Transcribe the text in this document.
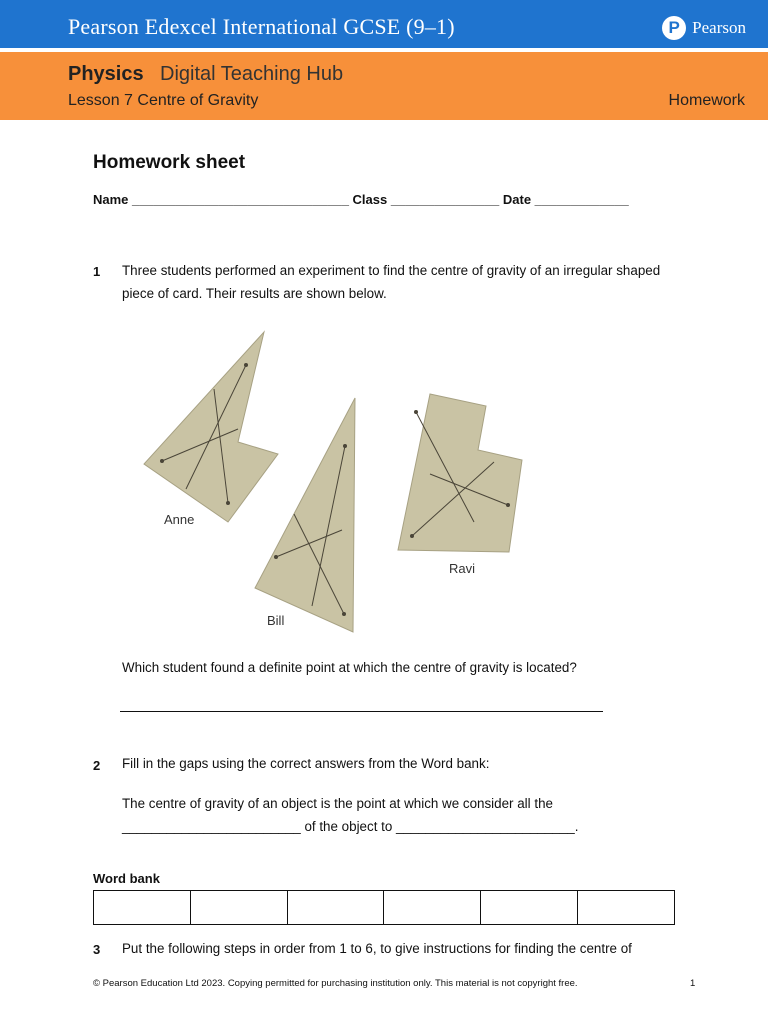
Pearson Edexcel International GCSE (9–1)	P Pearson
Physics Digital Teaching Hub
Lesson 7 Centre of Gravity	Homework
Homework sheet
Name ______________________________ Class _______________ Date _____________
1 Three students performed an experiment to find the centre of gravity of an irregular shaped piece of card. Their results are shown below.
Anne
Bill
Ravi
Which student found a definite point at which the centre of gravity is located?
2 Fill in the gaps using the correct answers from the Word bank:
The centre of gravity of an object is the point at which we consider all the ________________________ of the object to ________________________.
Word bank
3 Put the following steps in order from 1 to 6, to give instructions for finding the centre of
© Pearson Education Ltd 2023. Copying permitted for purchasing institution only. This material is not copyright free.	1
